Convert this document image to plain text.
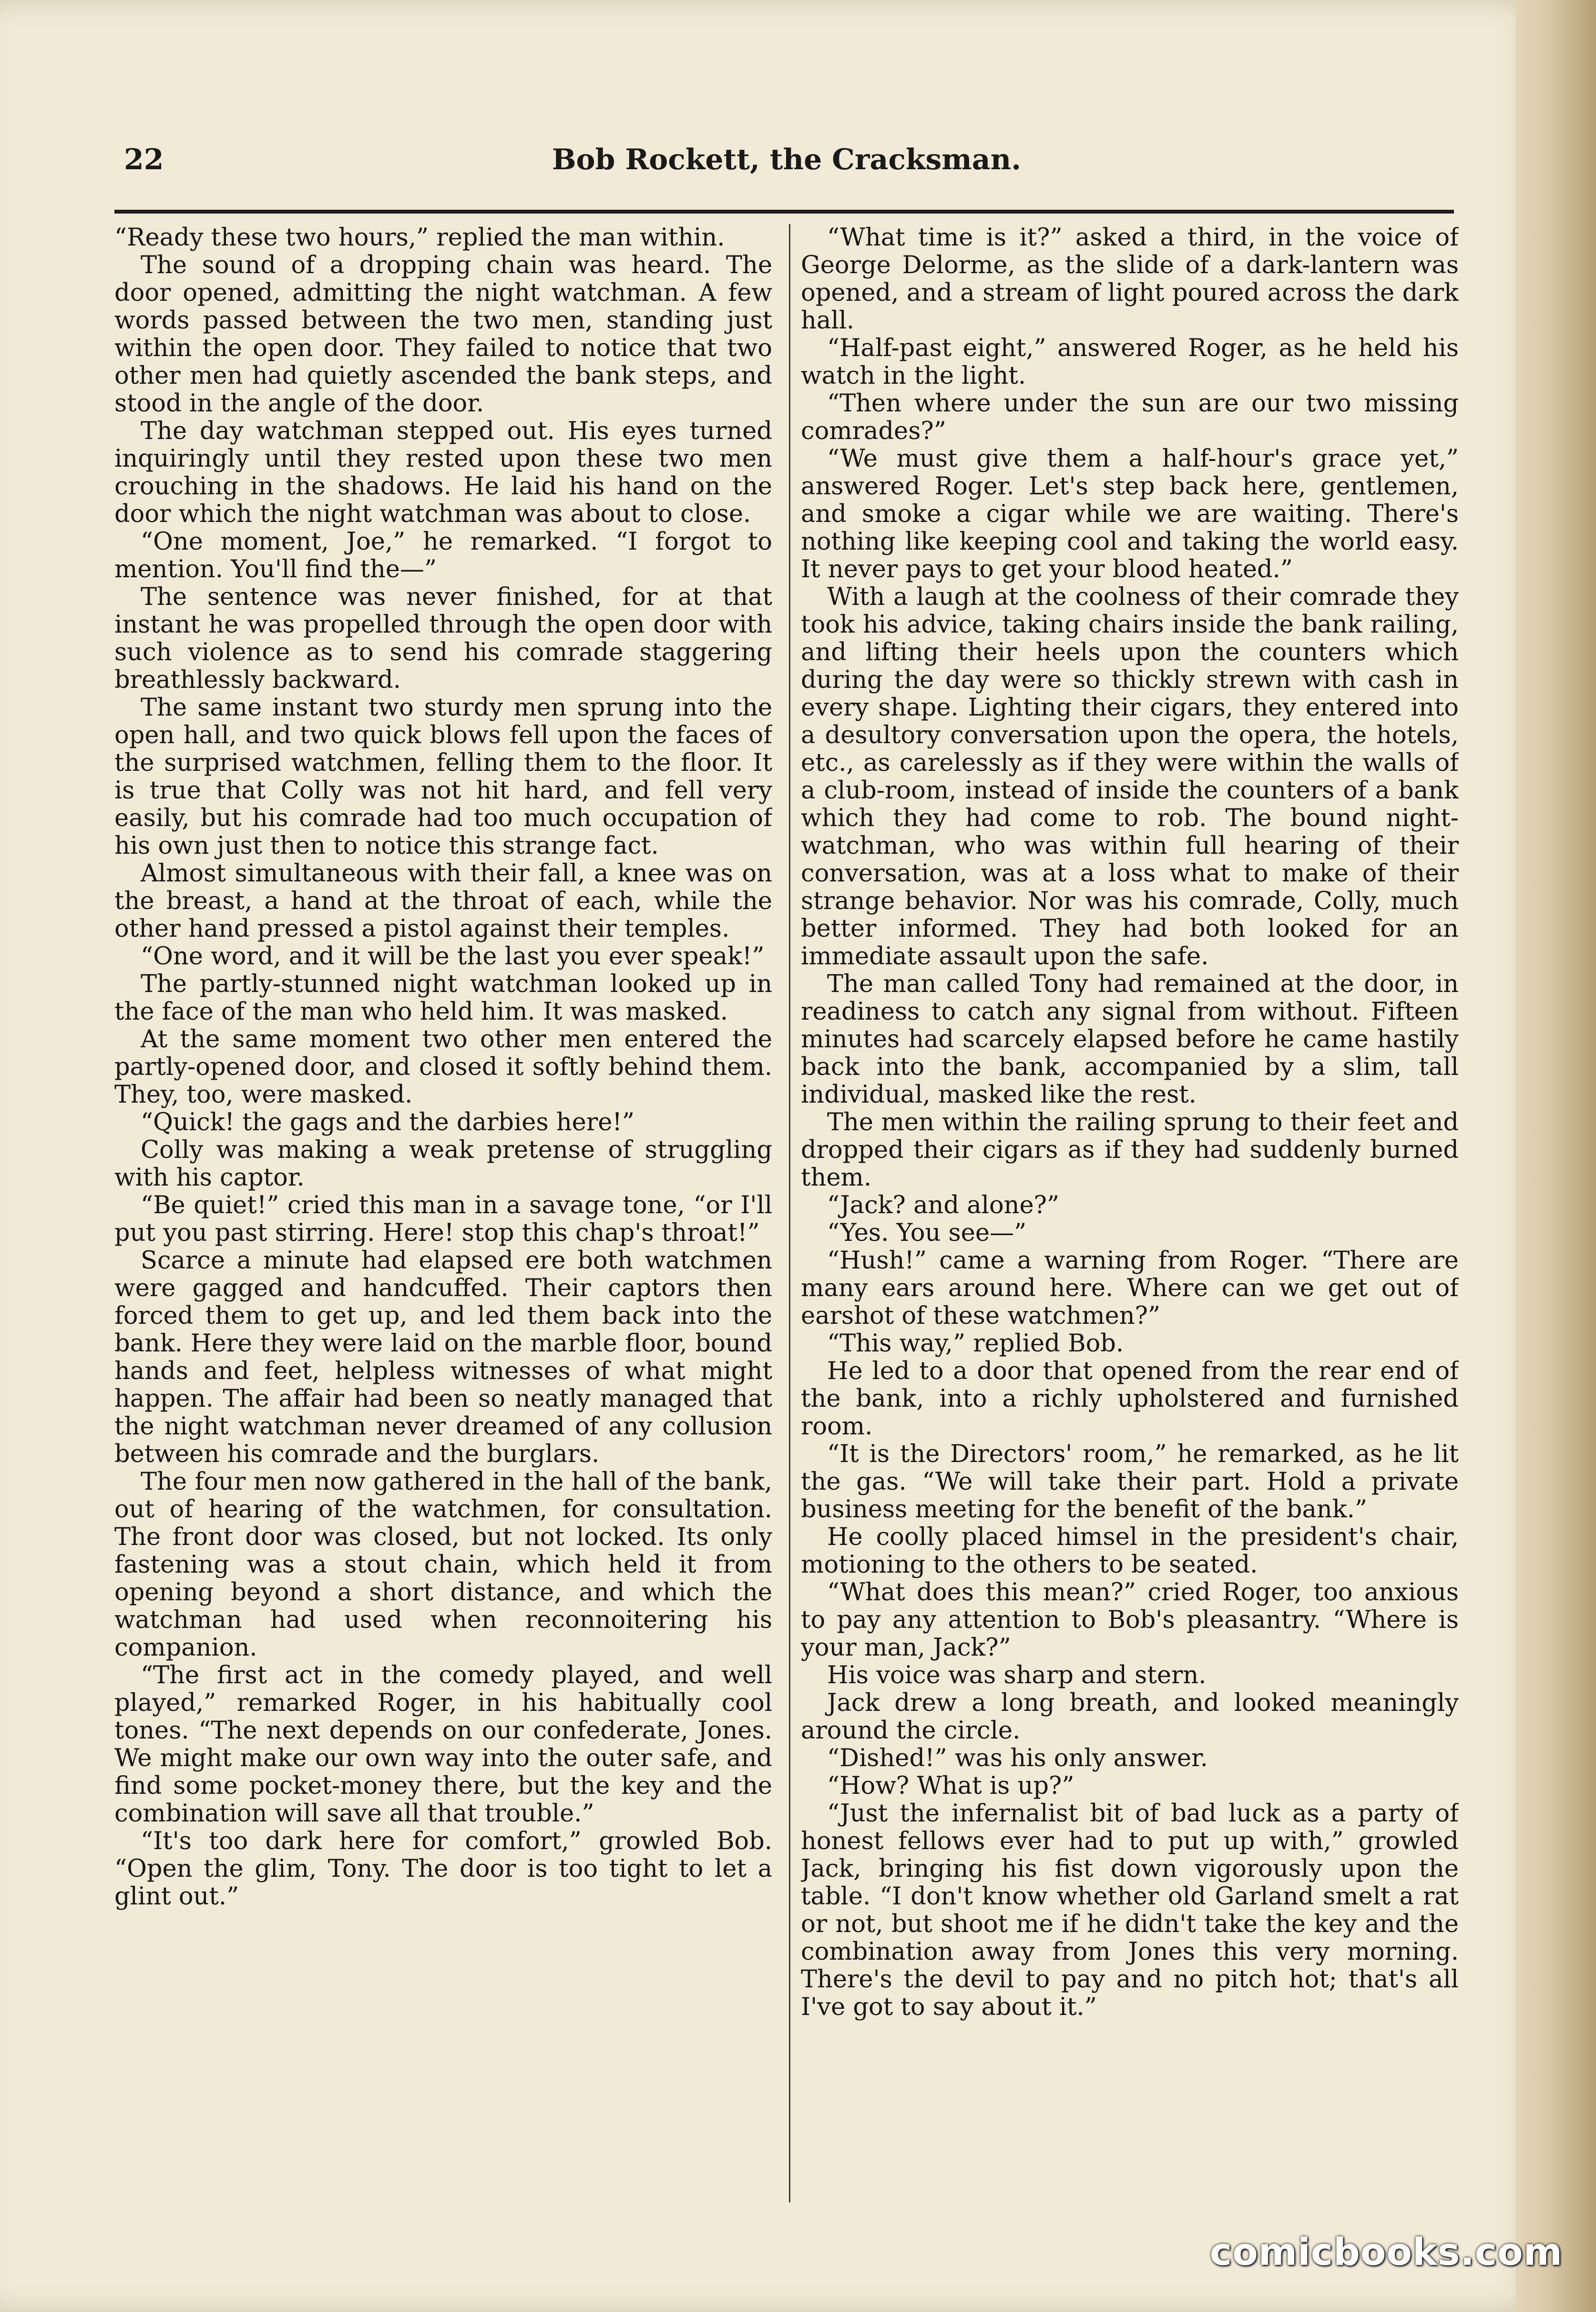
22	Bob Rockett, the Cracksman.

“Ready these two hours,” replied the man within.

The sound of a dropping chain was heard. The door opened, admitting the night watchman. A few words passed between the two men, standing just within the open door. They failed to notice that two other men had quietly ascended the bank steps, and stood in the angle of the door.

The day watchman stepped out. His eyes turned inquiringly until they rested upon these two men crouching in the shadows. He laid his hand on the door which the night watchman was about to close.

“One moment, Joe,” he remarked. “I forgot to mention. You'll find the—”

The sentence was never finished, for at that instant he was propelled through the open door with such violence as to send his comrade staggering breathlessly backward.

The same instant two sturdy men sprung into the open hall, and two quick blows fell upon the faces of the surprised watchmen, felling them to the floor. It is true that Colly was not hit hard, and fell very easily, but his comrade had too much occupation of his own just then to notice this strange fact.

Almost simultaneous with their fall, a knee was on the breast, a hand at the throat of each, while the other hand pressed a pistol against their temples.

“One word, and it will be the last you ever speak!”

The partly-stunned night watchman looked up in the face of the man who held him. It was masked.

At the same moment two other men entered the partly-opened door, and closed it softly behind them. They, too, were masked.

“Quick! the gags and the darbies here!”

Colly was making a weak pretense of struggling with his captor.

“Be quiet!” cried this man in a savage tone, “or I'll put you past stirring. Here! stop this chap's throat!”

Scarce a minute had elapsed ere both watchmen were gagged and handcuffed. Their captors then forced them to get up, and led them back into the bank. Here they were laid on the marble floor, bound hands and feet, helpless witnesses of what might happen. The affair had been so neatly managed that the night watchman never dreamed of any collusion between his comrade and the burglars.

The four men now gathered in the hall of the bank, out of hearing of the watchmen, for consultation. The front door was closed, but not locked. Its only fastening was a stout chain, which held it from opening beyond a short distance, and which the watchman had used when reconnoitering his companion.

“The first act in the comedy played, and well played,” remarked Roger, in his habitually cool tones. “The next depends on our confederate, Jones. We might make our own way into the outer safe, and find some pocket-money there, but the key and the combination will save all that trouble.”

“It's too dark here for comfort,” growled Bob. “Open the glim, Tony. The door is too tight to let a glint out.”

“What time is it?” asked a third, in the voice of George Delorme, as the slide of a dark-lantern was opened, and a stream of light poured across the dark hall.

“Half-past eight,” answered Roger, as he held his watch in the light.

“Then where under the sun are our two missing comrades?”

“We must give them a half-hour's grace yet,” answered Roger. Let's step back here, gentlemen, and smoke a cigar while we are waiting. There's nothing like keeping cool and taking the world easy. It never pays to get your blood heated.”

With a laugh at the coolness of their comrade they took his advice, taking chairs inside the bank railing, and lifting their heels upon the counters which during the day were so thickly strewn with cash in every shape. Lighting their cigars, they entered into a desultory conversation upon the opera, the hotels, etc., as carelessly as if they were within the walls of a club-room, instead of inside the counters of a bank which they had come to rob. The bound night-watchman, who was within full hearing of their conversation, was at a loss what to make of their strange behavior. Nor was his comrade, Colly, much better informed. They had both looked for an immediate assault upon the safe.

The man called Tony had remained at the door, in readiness to catch any signal from without. Fifteen minutes had scarcely elapsed before he came hastily back into the bank, accompanied by a slim, tall individual, masked like the rest.

The men within the railing sprung to their feet and dropped their cigars as if they had suddenly burned them.

“Jack? and alone?”

“Yes. You see—”

“Hush!” came a warning from Roger. “There are many ears around here. Where can we get out of earshot of these watchmen?”

“This way,” replied Bob.

He led to a door that opened from the rear end of the bank, into a richly upholstered and furnished room.

“It is the Directors' room,” he remarked, as he lit the gas. “We will take their part. Hold a private business meeting for the benefit of the bank.”

He coolly placed himsel in the president's chair, motioning to the others to be seated.

“What does this mean?” cried Roger, too anxious to pay any attention to Bob's pleasantry. “Where is your man, Jack?”

His voice was sharp and stern.

Jack drew a long breath, and looked meaningly around the circle.

“Dished!” was his only answer.

“How? What is up?”

“Just the infernalist bit of bad luck as a party of honest fellows ever had to put up with,” growled Jack, bringing his fist down vigorously upon the table. “I don't know whether old Garland smelt a rat or not, but shoot me if he didn't take the key and the combination away from Jones this very morning. There's the devil to pay and no pitch hot; that's all I've got to say about it.”

comicbooks.com
